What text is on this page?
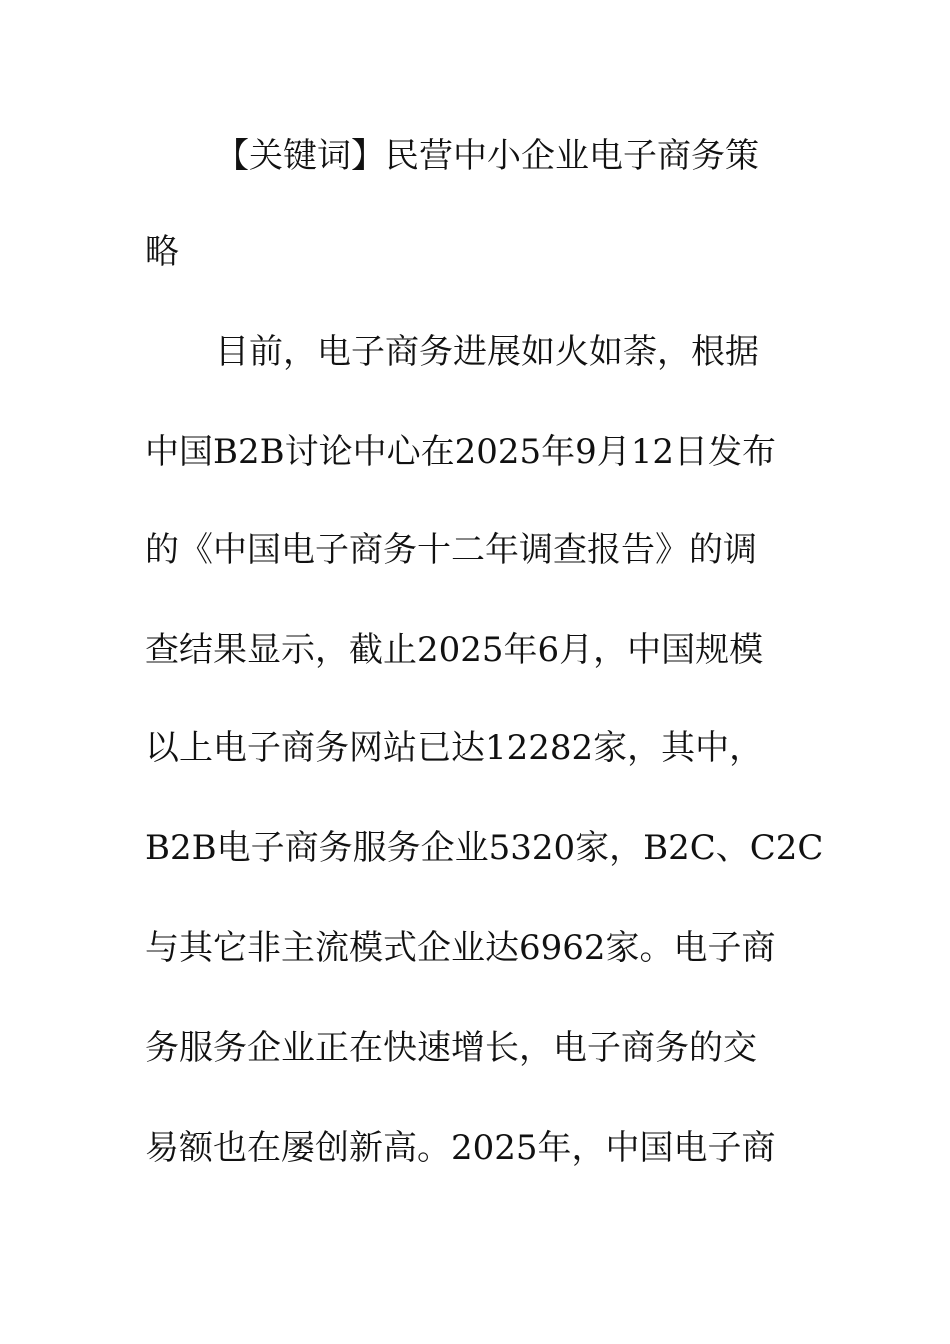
【关键词】民营中小企业电子商务策
略
目前，电子商务进展如火如荼，根据
中国B2B讨论中心在2025年9月12日发布
的《中国电子商务十二年调查报告》的调
查结果显示，截止2025年6月，中国规模
以上电子商务网站已达12282家，其中，
B2B电子商务服务企业5320家，B2C、C2C
与其它非主流模式企业达6962家。电子商
务服务企业正在快速增长，电子商务的交
易额也在屡创新高。2025年，中国电子商
